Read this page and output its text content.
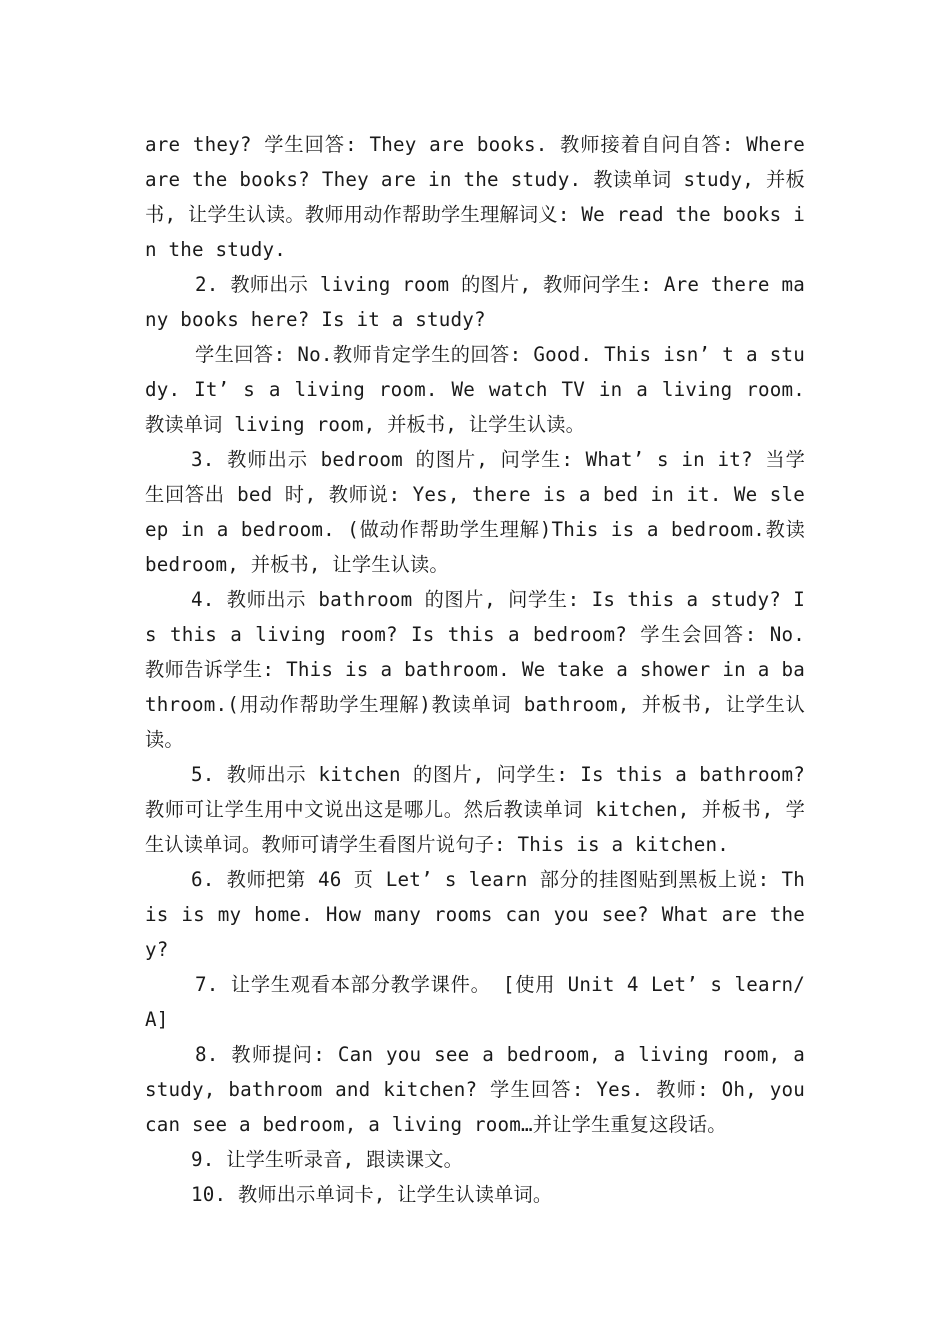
are they? 学生回答: They are books. 教师接着自问自答: Where are the books? They are in the study. 教读单词 study, 并板书, 让学生认读。教师用动作帮助学生理解词义: We read the books in the study.

2. 教师出示 living room 的图片, 教师问学生: Are there many books here? Is it a study?

学生回答: No.教师肯定学生的回答: Good. This isn’ t a study. It’ s a living room. We watch TV in a living room. 教读单词 living room, 并板书, 让学生认读。

3. 教师出示 bedroom 的图片, 问学生: What’ s in it? 当学生回答出 bed 时, 教师说: Yes, there is a bed in it. We sleep in a bedroom. (做动作帮助学生理解)This is a bedroom.教读 bedroom, 并板书, 让学生认读。

4. 教师出示 bathroom 的图片, 问学生: Is this a study? Is this a living room? Is this a bedroom? 学生会回答: No. 教师告诉学生: This is a bathroom. We take a shower in a bathroom.(用动作帮助学生理解)教读单词 bathroom, 并板书, 让学生认读。

5. 教师出示 kitchen 的图片, 问学生: Is this a bathroom? 教师可让学生用中文说出这是哪儿。然后教读单词 kitchen, 并板书, 学生认读单词。教师可请学生看图片说句子: This is a kitchen.

6. 教师把第 46 页 Let’ s learn 部分的挂图贴到黑板上说: This is my home. How many rooms can you see? What are they?

7. 让学生观看本部分教学课件。 [使用 Unit 4 Let’ s learn/A]

8. 教师提问: Can you see a bedroom, a living room, a study, bathroom and kitchen? 学生回答: Yes. 教师: Oh, you can see a bedroom, a living room…并让学生重复这段话。

9. 让学生听录音, 跟读课文。

10. 教师出示单词卡, 让学生认读单词。
